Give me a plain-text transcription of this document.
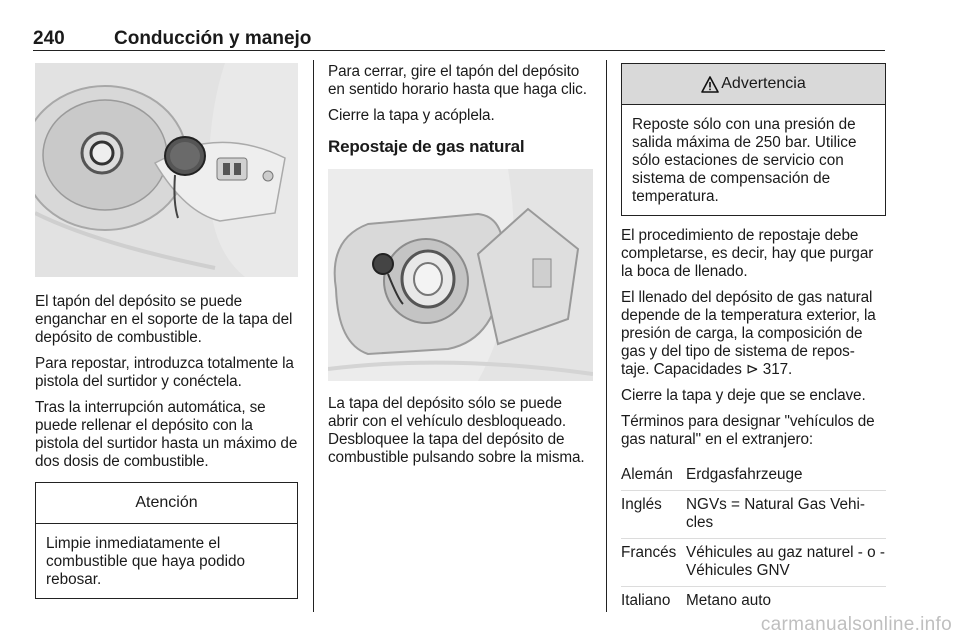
240	Conducción y manejo

El tapón del depósito se puede enganchar en el soporte de la tapa del depósito de combustible.

Para repostar, introduzca totalmente la pistola del surtidor y conéctela.

Tras la interrupción automática, se puede rellenar el depósito con la pistola del surtidor hasta un máximo de dos dosis de combustible.

Atención
Limpie inmediatamente el combustible que haya podido rebosar.

Para cerrar, gire el tapón del depósito en sentido horario hasta que haga clic.

Cierre la tapa y acóplela.

Repostaje de gas natural

La tapa del depósito sólo se puede abrir con el vehículo desbloqueado. Desbloquee la tapa del depósito de combustible pulsando sobre la misma.

Advertencia
Reposte sólo con una presión de salida máxima de 250 bar. Utilice sólo estaciones de servicio con sistema de compensación de temperatura.

El procedimiento de repostaje debe completarse, es decir, hay que purgar la boca de llenado.

El llenado del depósito de gas natural depende de la temperatura exterior, la presión de carga, la composición de gas y del tipo de sistema de repos‐ taje. Capacidades ⊳ 317.

Cierre la tapa y deje que se enclave.

Términos para designar "vehículos de gas natural" en el extranjero:

Alemán Erdgasfahrzeuge
Inglés	NGVs = Natural Gas Vehi‐ cles
Francés Véhicules au gaz naturel - o - Véhicules GNV
Italiano	Metano auto
carmanualsonline.info
